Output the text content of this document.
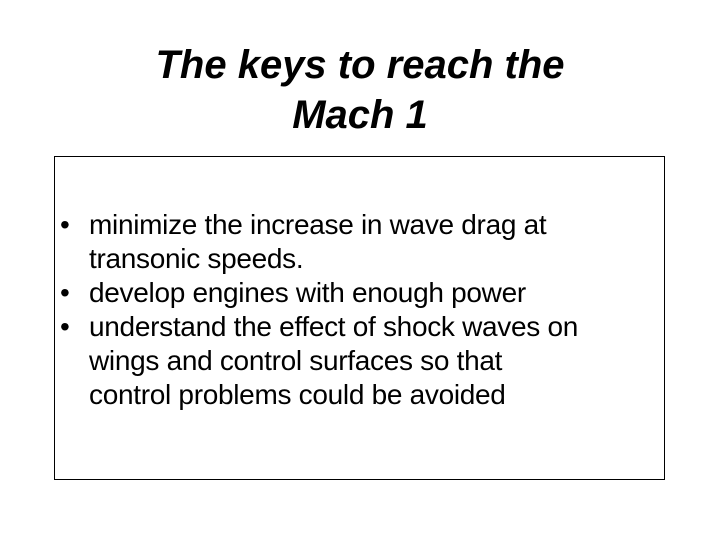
The keys to reach the
Mach 1
• minimize the increase in wave drag at
transonic speeds.
• develop engines with enough power
• understand the effect of shock waves on
wings and control surfaces so that
control problems could be avoided
